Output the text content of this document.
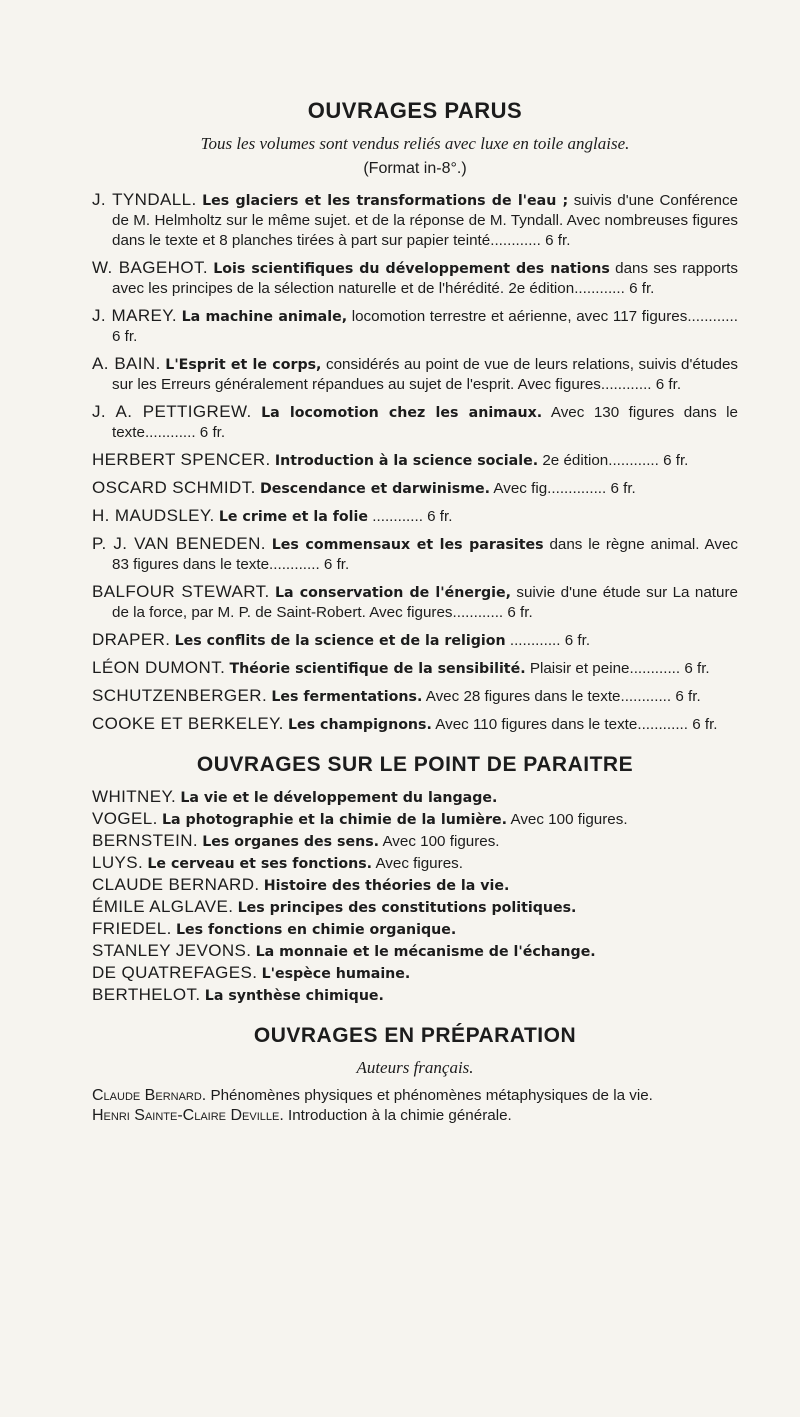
OUVRAGES PARUS

Tous les volumes sont vendus reliés avec luxe en toile anglaise.

(Format in-8°.)

J. TYNDALL. Les glaciers et les transformations de l'eau ; suivis d'une Conférence de M. Helmholtz sur le même sujet. et de la réponse de M. Tyndall. Avec nombreuses figures dans le texte et 8 planches tirées à part sur papier teinté............ 6 fr.

W. BAGEHOT. Lois scientifiques du développement des nations dans ses rapports avec les principes de la sélection naturelle et de l'hérédité. 2e édition............ 6 fr.

J. MAREY. La machine animale, locomotion terrestre et aérienne, avec 117 figures............ 6 fr.

A. BAIN. L'Esprit et le corps, considérés au point de vue de leurs relations, suivis d'études sur les Erreurs généralement répandues au sujet de l'esprit. Avec figures............ 6 fr.

J. A. PETTIGREW. La locomotion chez les animaux. Avec 130 figures dans le texte............ 6 fr.

HERBERT SPENCER. Introduction à la science sociale. 2e édition............ 6 fr.

OSCARD SCHMIDT. Descendance et darwinisme. Avec fig.............. 6 fr.

H. MAUDSLEY. Le crime et la folie ............ 6 fr.

P. J. VAN BENEDEN. Les commensaux et les parasites dans le règne animal. Avec 83 figures dans le texte............ 6 fr.

BALFOUR STEWART. La conservation de l'énergie, suivie d'une étude sur La nature de la force, par M. P. de Saint-Robert. Avec figures............ 6 fr.

DRAPER. Les conflits de la science et de la religion ............ 6 fr.

LÉON DUMONT. Théorie scientifique de la sensibilité. Plaisir et peine............ 6 fr.

SCHUTZENBERGER. Les fermentations. Avec 28 figures dans le texte............ 6 fr.

COOKE ET BERKELEY. Les champignons. Avec 110 figures dans le texte............ 6 fr.

OUVRAGES SUR LE POINT DE PARAITRE

WHITNEY. La vie et le développement du langage.

VOGEL. La photographie et la chimie de la lumière. Avec 100 figures.

BERNSTEIN. Les organes des sens. Avec 100 figures.

LUYS. Le cerveau et ses fonctions. Avec figures.

CLAUDE BERNARD. Histoire des théories de la vie.

ÉMILE ALGLAVE. Les principes des constitutions politiques.

FRIEDEL. Les fonctions en chimie organique.

STANLEY JEVONS. La monnaie et le mécanisme de l'échange.

DE QUATREFAGES. L'espèce humaine.

BERTHELOT. La synthèse chimique.

OUVRAGES EN PRÉPARATION

Auteurs français.

Claude Bernard. Phénomènes physiques et phénomènes métaphysiques de la vie.

Henri Sainte-Claire Deville. Introduction à la chimie générale.
